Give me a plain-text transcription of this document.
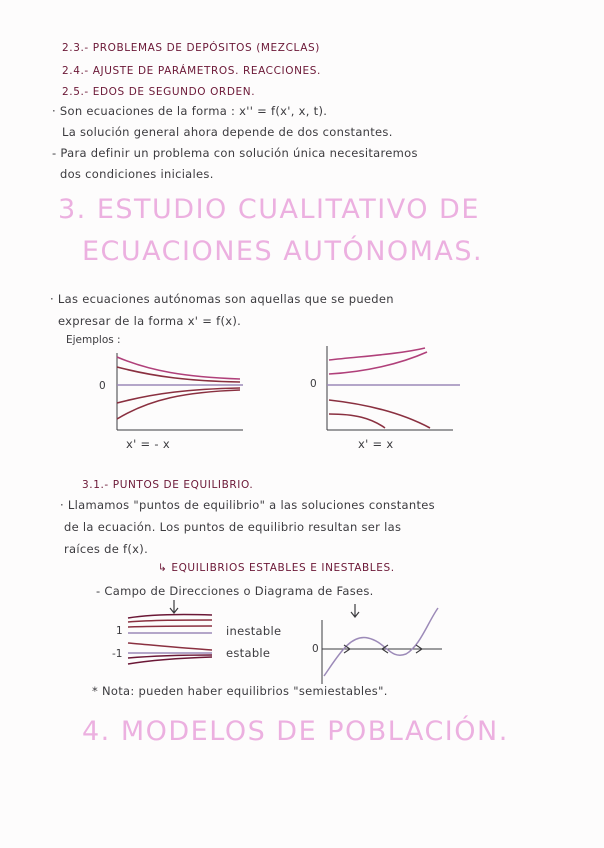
2.3.- PROBLEMAS DE DEPÓSITOS (MEZCLAS)
2.4.- AJUSTE DE PARÁMETROS. REACCIONES.
2.5.- EDOS DE SEGUNDO ORDEN.
· Son ecuaciones de la forma : x'' = f(x', x, t).
La solución general ahora depende de dos constantes.
- Para definir un problema con solución única necesitaremos
dos condiciones iniciales.
3. ESTUDIO CUALITATIVO DE
ECUACIONES AUTÓNOMAS.
· Las ecuaciones autónomas son aquellas que se pueden
expresar de la forma x' = f(x).
Ejemplos :
0
x' = - x
0
x' = x
3.1.- PUNTOS DE EQUILIBRIO.
· Llamamos "puntos de equilibrio" a las soluciones constantes
de la ecuación. Los puntos de equilibrio resultan ser las
raíces de f(x).
↳ EQUILIBRIOS ESTABLES E INESTABLES.
- Campo de Direcciones o Diagrama de Fases.
1
-1
inestable
estable	0
* Nota: pueden haber equilibrios "semiestables".
4. MODELOS DE POBLACIÓN.
